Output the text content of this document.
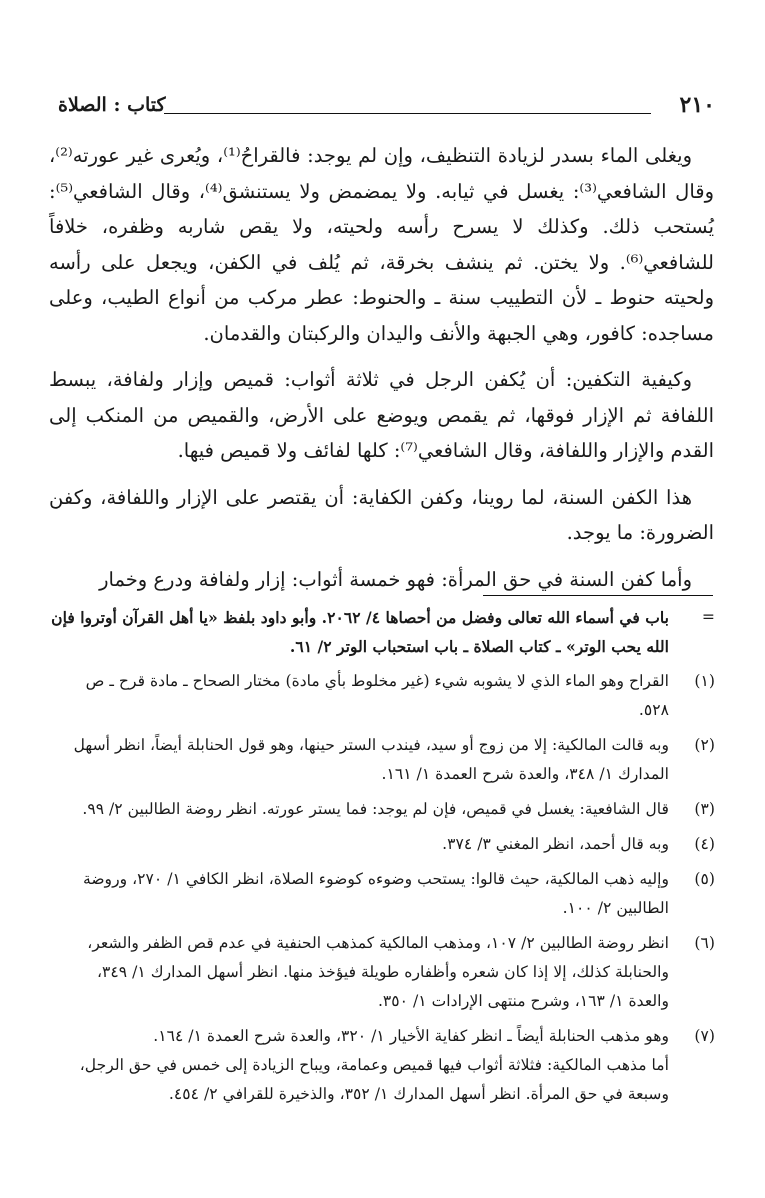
٢١٠
كتاب : الصلاة

ويغلى الماء بسدر لزيادة التنظيف، وإن لم يوجد: فالقراحُ⁽¹⁾، ويُعرى غير عورته⁽²⁾، وقال الشافعي⁽³⁾: يغسل في ثيابه. ولا يمضمض ولا يستنشق⁽⁴⁾، وقال الشافعي⁽⁵⁾: يُستحب ذلك. وكذلك لا يسرح رأسه ولحيته، ولا يقص شاربه وظفره، خلافاً للشافعي⁽⁶⁾. ولا يختن. ثم ينشف بخرقة، ثم يُلف في الكفن، ويجعل على رأسه ولحيته حنوط ـ لأن التطييب سنة ـ والحنوط: عطر مركب من أنواع الطيب، وعلى مساجده: كافور، وهي الجبهة والأنف واليدان والركبتان والقدمان.

وكيفية التكفين: أن يُكفن الرجل في ثلاثة أثواب: قميص وإزار ولفافة، يبسط اللفافة ثم الإزار فوقها، ثم يقمص ويوضع على الأرض، والقميص من المنكب إلى القدم والإزار واللفافة، وقال الشافعي⁽⁷⁾: كلها لفائف ولا قميص فيها.

هذا الكفن السنة، لما روينا، وكفن الكفاية: أن يقتصر على الإزار واللفافة، وكفن الضرورة: ما يوجد.

وأما كفن السنة في حق المرأة: فهو خمسة أثواب: إزار ولفافة ودرع وخمار

=
باب في أسماء الله تعالى وفضل من أحصاها ٤/ ٢٠٦٢. وأبو داود بلفظ «يا أهل القرآن أوتروا فإن
الله يحب الوتر» ـ كتاب الصلاة ـ باب استحباب الوتر ٢/ ٦١.
(١)
القراح وهو الماء الذي لا يشوبه شيء (غير مخلوط بأي مادة) مختار الصحاح ـ مادة قرح ـ ص
٥٢٨.
(٢)
وبه قالت المالكية: إلا من زوج أو سيد، فيندب الستر حينها، وهو قول الحنابلة أيضاً، انظر أسهل
المدارك ١/ ٣٤٨، والعدة شرح العمدة ١/ ١٦١.
(٣)
قال الشافعية: يغسل في قميص، فإن لم يوجد: فما يستر عورته. انظر روضة الطالبين ٢/ ٩٩.
(٤)
وبه قال أحمد، انظر المغني ٣/ ٣٧٤.
(٥)
وإليه ذهب المالكية، حيث قالوا: يستحب وضوءه كوضوء الصلاة، انظر الكافي ١/ ٢٧٠، وروضة
الطالبين ٢/ ١٠٠.
(٦)
انظر روضة الطالبين ٢/ ١٠٧، ومذهب المالكية كمذهب الحنفية في عدم قص الظفر والشعر،
والحنابلة كذلك، إلا إذا كان شعره وأظفاره طويلة فيؤخذ منها. انظر أسهل المدارك ١/ ٣٤٩،
والعدة ١/ ١٦٣، وشرح منتهى الإرادات ١/ ٣٥٠.
(٧)
وهو مذهب الحنابلة أيضاً ـ انظر كفاية الأخيار ١/ ٣٢٠، والعدة شرح العمدة ١/ ١٦٤.
أما مذهب المالكية: فثلاثة أثواب فيها قميص وعمامة، ويباح الزيادة إلى خمس في حق الرجل،
وسبعة في حق المرأة. انظر أسهل المدارك ١/ ٣٥٢، والذخيرة للقرافي ٢/ ٤٥٤.
